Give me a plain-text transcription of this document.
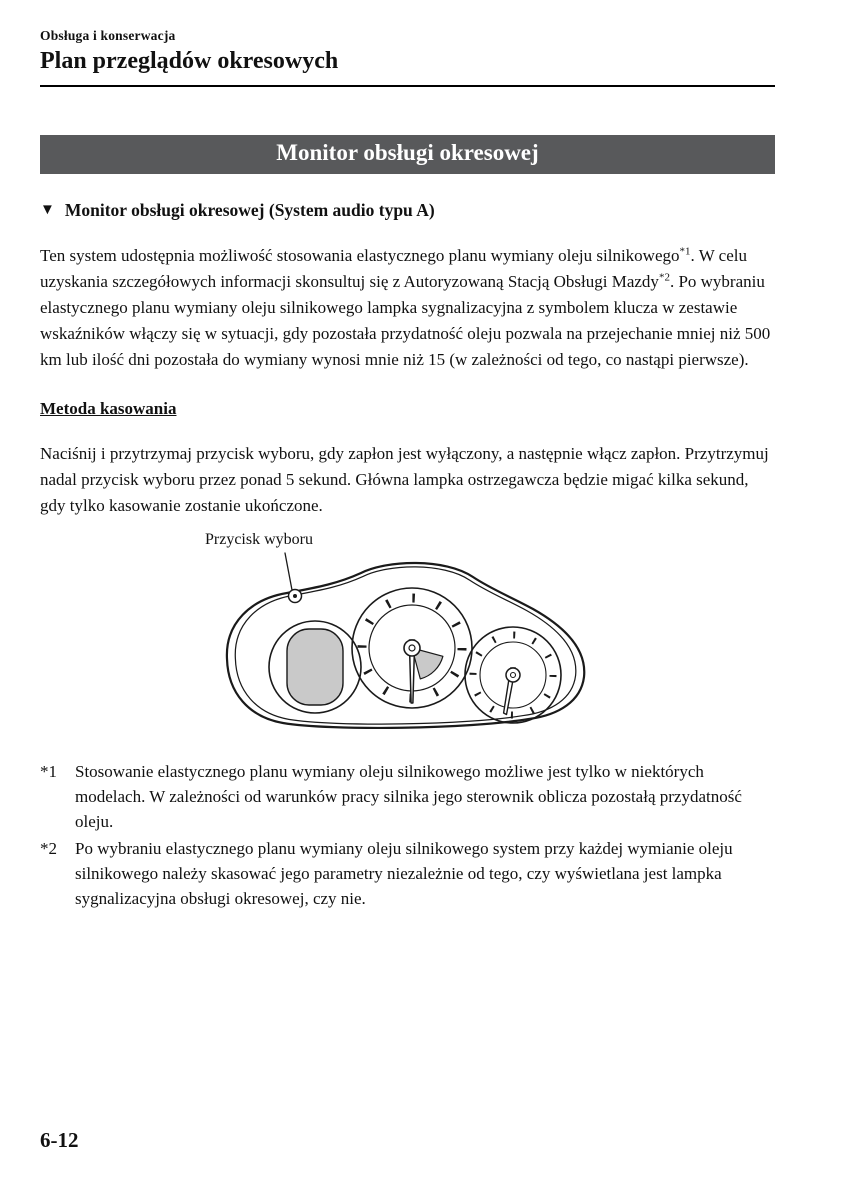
Obsługa i konserwacja
Plan przeglądów okresowych
Monitor obsługi okresowej
▼ Monitor obsługi okresowej (System audio typu A)

Ten system udostępnia możliwość stosowania elastycznego planu wymiany oleju silnikowego$^{*1}$. W celu uzyskania szczegółowych informacji skonsultuj się z Autoryzowaną Stacją Obsługi Mazdy$^{*2}$. Po wybraniu elastycznego planu wymiany oleju silnikowego lampka sygnalizacyjna z symbolem klucza w zestawie wskaźników włączy się w sytuacji, gdy pozostała przydatność oleju pozwala na przejechanie mniej niż 500 km lub ilość dni pozostała do wymiany wynosi mnie niż 15 (w zależności od tego, co nastąpi pierwsze).

Metoda kasowania

Naciśnij i przytrzymaj przycisk wyboru, gdy zapłon jest wyłączony, a następnie włącz zapłon. Przytrzymuj nadal przycisk wyboru przez ponad 5 sekund. Główna lampka ostrzegawcza będzie migać kilka sekund, gdy tylko kasowanie zostanie ukończone.

Przycisk wyboru
*1	Stosowanie elastycznego planu wymiany oleju silnikowego możliwe jest tylko w niektórych modelach. W zależności od warunków pracy silnika jego sterownik oblicza pozostałą przydatność oleju.
*2	Po wybraniu elastycznego planu wymiany oleju silnikowego system przy każdej wymianie oleju silnikowego należy skasować jego parametry niezależnie od tego, czy wyświetlana jest lampka sygnalizacyjna obsługi okresowej, czy nie.
6-12
